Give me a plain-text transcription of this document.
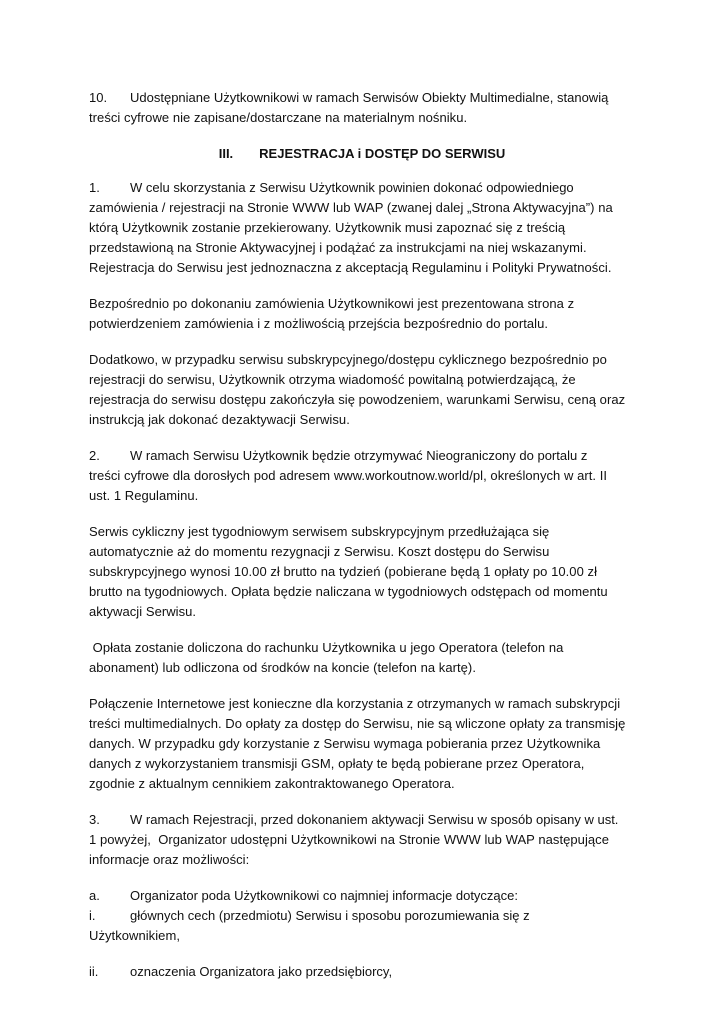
10. Udostępniane Użytkownikowi w ramach Serwisów Obiekty Multimedialne, stanowią
treści cyfrowe nie zapisane/dostarczane na materialnym nośniku.
III. REJESTRACJA i DOSTĘP DO SERWISU
1. W celu skorzystania z Serwisu Użytkownik powinien dokonać odpowiedniego
zamówienia / rejestracji na Stronie WWW lub WAP (zwanej dalej „Strona Aktywacyjna”) na
którą Użytkownik zostanie przekierowany. Użytkownik musi zapoznać się z treścią
przedstawioną na Stronie Aktywacyjnej i podążać za instrukcjami na niej wskazanymi.
Rejestracja do Serwisu jest jednoznaczna z akceptacją Regulaminu i Polityki Prywatności.
Bezpośrednio po dokonaniu zamówienia Użytkownikowi jest prezentowana strona z
potwierdzeniem zamówienia i z możliwością przejścia bezpośrednio do portalu.
Dodatkowo, w przypadku serwisu subskrypcyjnego/dostępu cyklicznego bezpośrednio po
rejestracji do serwisu, Użytkownik otrzyma wiadomość powitalną potwierdzającą, że
rejestracja do serwisu dostępu zakończyła się powodzeniem, warunkami Serwisu, ceną oraz
instrukcją jak dokonać dezaktywacji Serwisu.
2. W ramach Serwisu Użytkownik będzie otrzymywać Nieograniczony do portalu z
treści cyfrowe dla dorosłych pod adresem www.workoutnow.world/pl, określonych w art. II
ust. 1 Regulaminu.
Serwis cykliczny jest tygodniowym serwisem subskrypcyjnym przedłużająca się
automatycznie aż do momentu rezygnacji z Serwisu. Koszt dostępu do Serwisu
subskrypcyjnego wynosi 10.00 zł brutto na tydzień (pobierane będą 1 opłaty po 10.00 zł
brutto na tygodniowych. Opłata będzie naliczana w tygodniowych odstępach od momentu
aktywacji Serwisu.
Opłata zostanie doliczona do rachunku Użytkownika u jego Operatora (telefon na
abonament) lub odliczona od środków na koncie (telefon na kartę).
Połączenie Internetowe jest konieczne dla korzystania z otrzymanych w ramach subskrypcji
treści multimedialnych. Do opłaty za dostęp do Serwisu, nie są wliczone opłaty za transmisję
danych. W przypadku gdy korzystanie z Serwisu wymaga pobierania przez Użytkownika
danych z wykorzystaniem transmisji GSM, opłaty te będą pobierane przez Operatora,
zgodnie z aktualnym cennikiem zakontraktowanego Operatora.
3. W ramach Rejestracji, przed dokonaniem aktywacji Serwisu w sposób opisany w ust.
1 powyżej,  Organizator udostępni Użytkownikowi na Stronie WWW lub WAP następujące
informacje oraz możliwości:
a. Organizator poda Użytkownikowi co najmniej informacje dotyczące:
i.	głównych cech (przedmiotu) Serwisu i sposobu porozumiewania się z
Użytkownikiem,
ii. oznaczenia Organizatora jako przedsiębiorcy,
